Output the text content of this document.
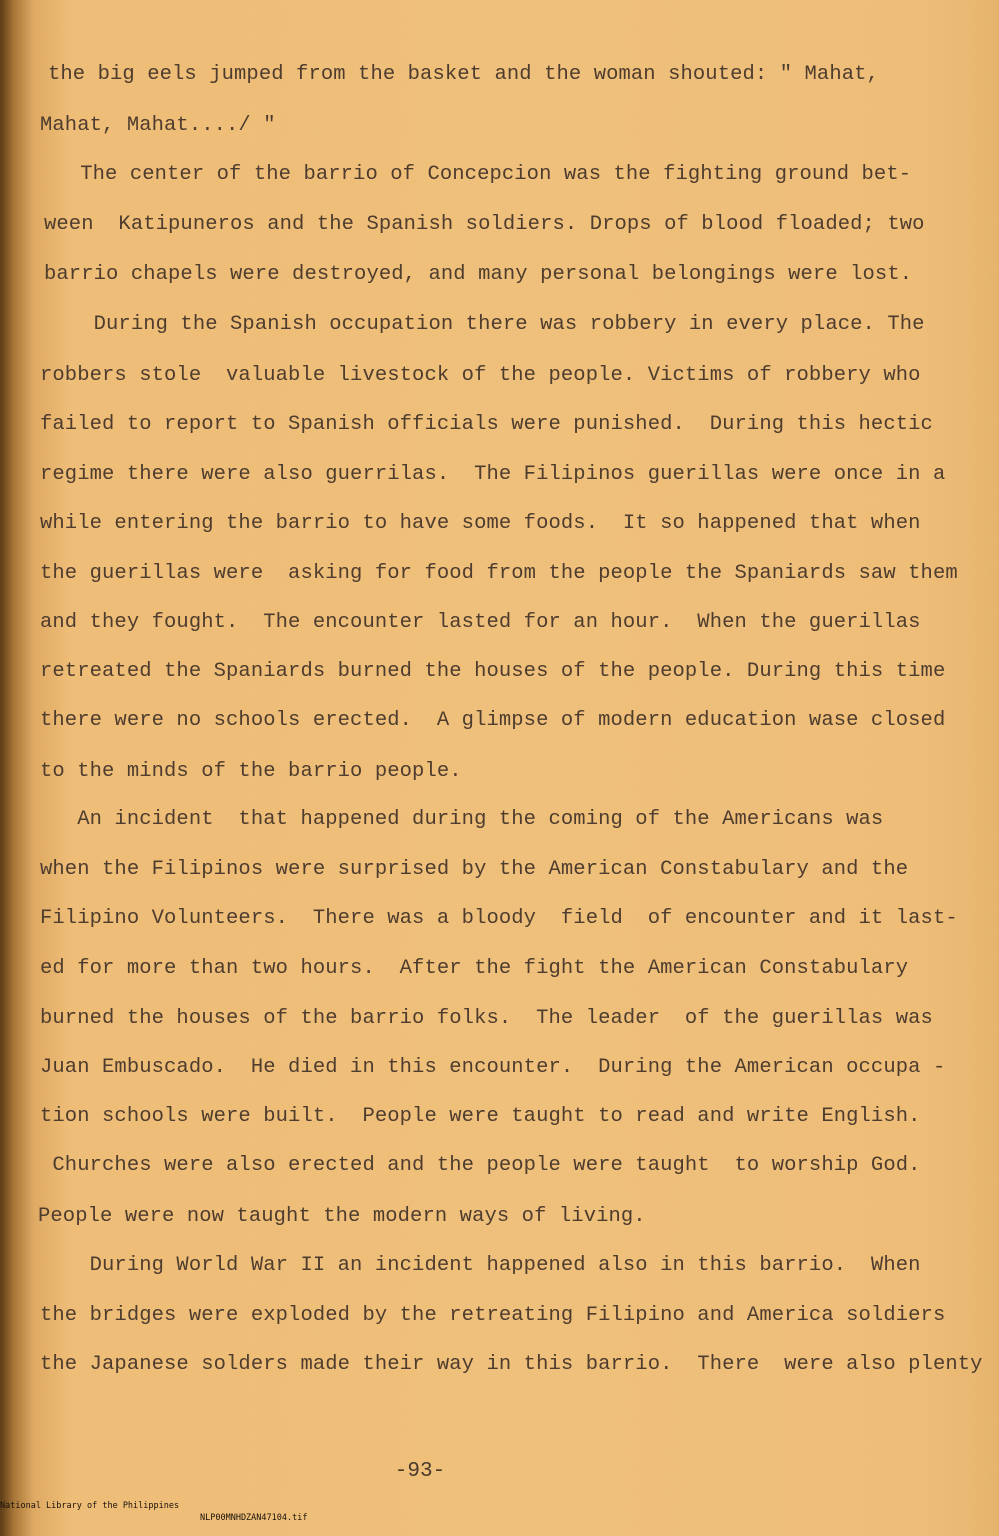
the big eels jumped from the basket and the woman shouted: " Mahat,
Mahat, Mahat..../ "
The center of the barrio of Concepcion was the fighting ground bet-
ween  Katipuneros and the Spanish soldiers. Drops of blood floaded; two
barrio chapels were destroyed, and many personal belongings were lost.
During the Spanish occupation there was robbery in every place. The
robbers stole  valuable livestock of the people. Victims of robbery who
failed to report to Spanish officials were punished.  During this hectic
regime there were also guerrilas.  The Filipinos guerillas were once in a
while entering the barrio to have some foods.  It so happened that when
the guerillas were  asking for food from the people the Spaniards saw them
and they fought.  The encounter lasted for an hour.  When the guerillas
retreated the Spaniards burned the houses of the people. During this time
there were no schools erected.  A glimpse of modern education wase closed
to the minds of the barrio people.
An incident  that happened during the coming of the Americans was
when the Filipinos were surprised by the American Constabulary and the
Filipino Volunteers.  There was a bloody  field  of encounter and it last-
ed for more than two hours.  After the fight the American Constabulary
burned the houses of the barrio folks.  The leader  of the guerillas was
Juan Embuscado.  He died in this encounter.  During the American occupa -
tion schools were built.  People were taught to read and write English.
Churches were also erected and the people were taught  to worship God.
People were now taught the modern ways of living.
During World War II an incident happened also in this barrio.  When
the bridges were exploded by the retreating Filipino and America soldiers
the Japanese solders made their way in this barrio.  There  were also plenty
-93-

National Library of the Philippines

NLP00MNHDZAN47104.tif
